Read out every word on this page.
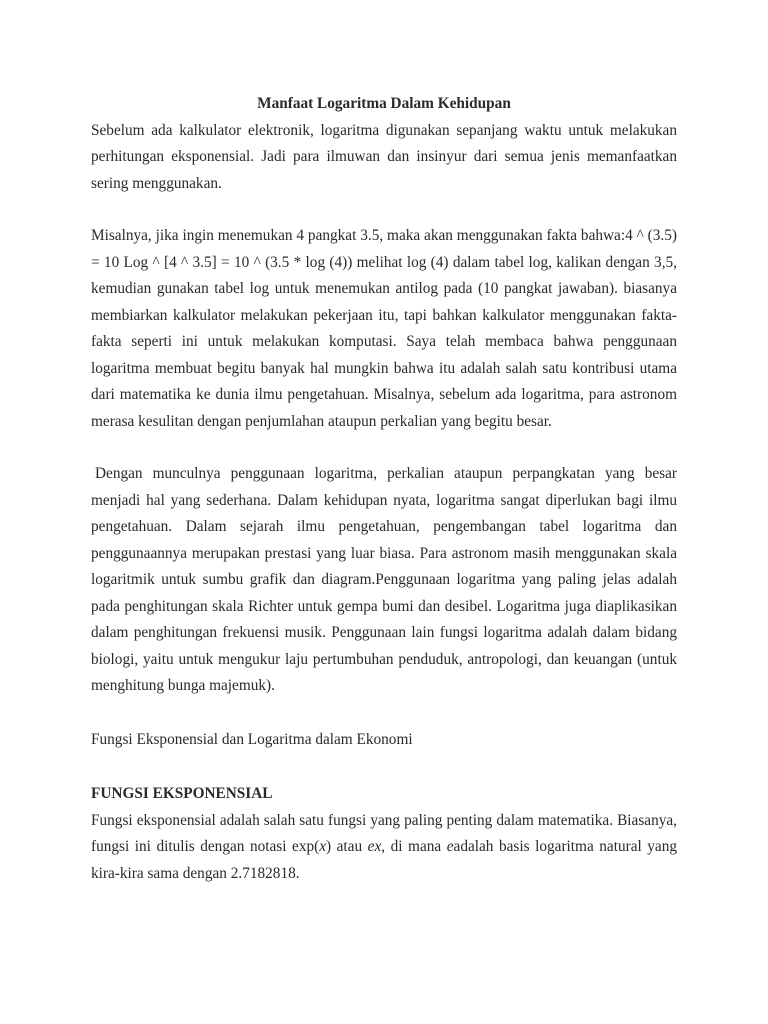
Manfaat Logaritma Dalam Kehidupan

Sebelum ada kalkulator elektronik, logaritma digunakan sepanjang waktu untuk melakukan perhitungan eksponensial. Jadi para ilmuwan dan insinyur dari semua jenis memanfaatkan sering menggunakan.

Misalnya, jika ingin menemukan 4 pangkat 3.5, maka akan menggunakan fakta bahwa:4 ^ (3.5) = 10 Log ^ [4 ^ 3.5] = 10 ^ (3.5 * log (4)) melihat log (4) dalam tabel log, kalikan dengan 3,5, kemudian gunakan tabel log untuk menemukan antilog pada (10 pangkat jawaban). biasanya membiarkan kalkulator melakukan pekerjaan itu, tapi bahkan kalkulator menggunakan fakta-fakta seperti ini untuk melakukan komputasi. Saya telah membaca bahwa penggunaan logaritma membuat begitu banyak hal mungkin bahwa itu adalah salah satu kontribusi utama dari matematika ke dunia ilmu pengetahuan. Misalnya, sebelum ada logaritma, para astronom merasa kesulitan dengan penjumlahan ataupun perkalian yang begitu besar.

Dengan munculnya penggunaan logaritma, perkalian ataupun perpangkatan yang besar menjadi hal yang sederhana. Dalam kehidupan nyata, logaritma sangat diperlukan bagi ilmu pengetahuan. Dalam sejarah ilmu pengetahuan, pengembangan tabel logaritma dan penggunaannya merupakan prestasi yang luar biasa. Para astronom masih menggunakan skala logaritmik untuk sumbu grafik dan diagram.Penggunaan logaritma yang paling jelas adalah pada penghitungan skala Richter untuk gempa bumi dan desibel. Logaritma juga diaplikasikan dalam penghitungan frekuensi musik. Penggunaan lain fungsi logaritma adalah dalam bidang biologi, yaitu untuk mengukur laju pertumbuhan penduduk, antropologi, dan keuangan (untuk menghitung bunga majemuk).

Fungsi Eksponensial dan Logaritma dalam Ekonomi

FUNGSI EKSPONENSIAL

Fungsi eksponensial adalah salah satu fungsi yang paling penting dalam matematika. Biasanya, fungsi ini ditulis dengan notasi exp(x) atau ex, di mana eadalah basis logaritma natural yang kira-kira sama dengan 2.7182818.
